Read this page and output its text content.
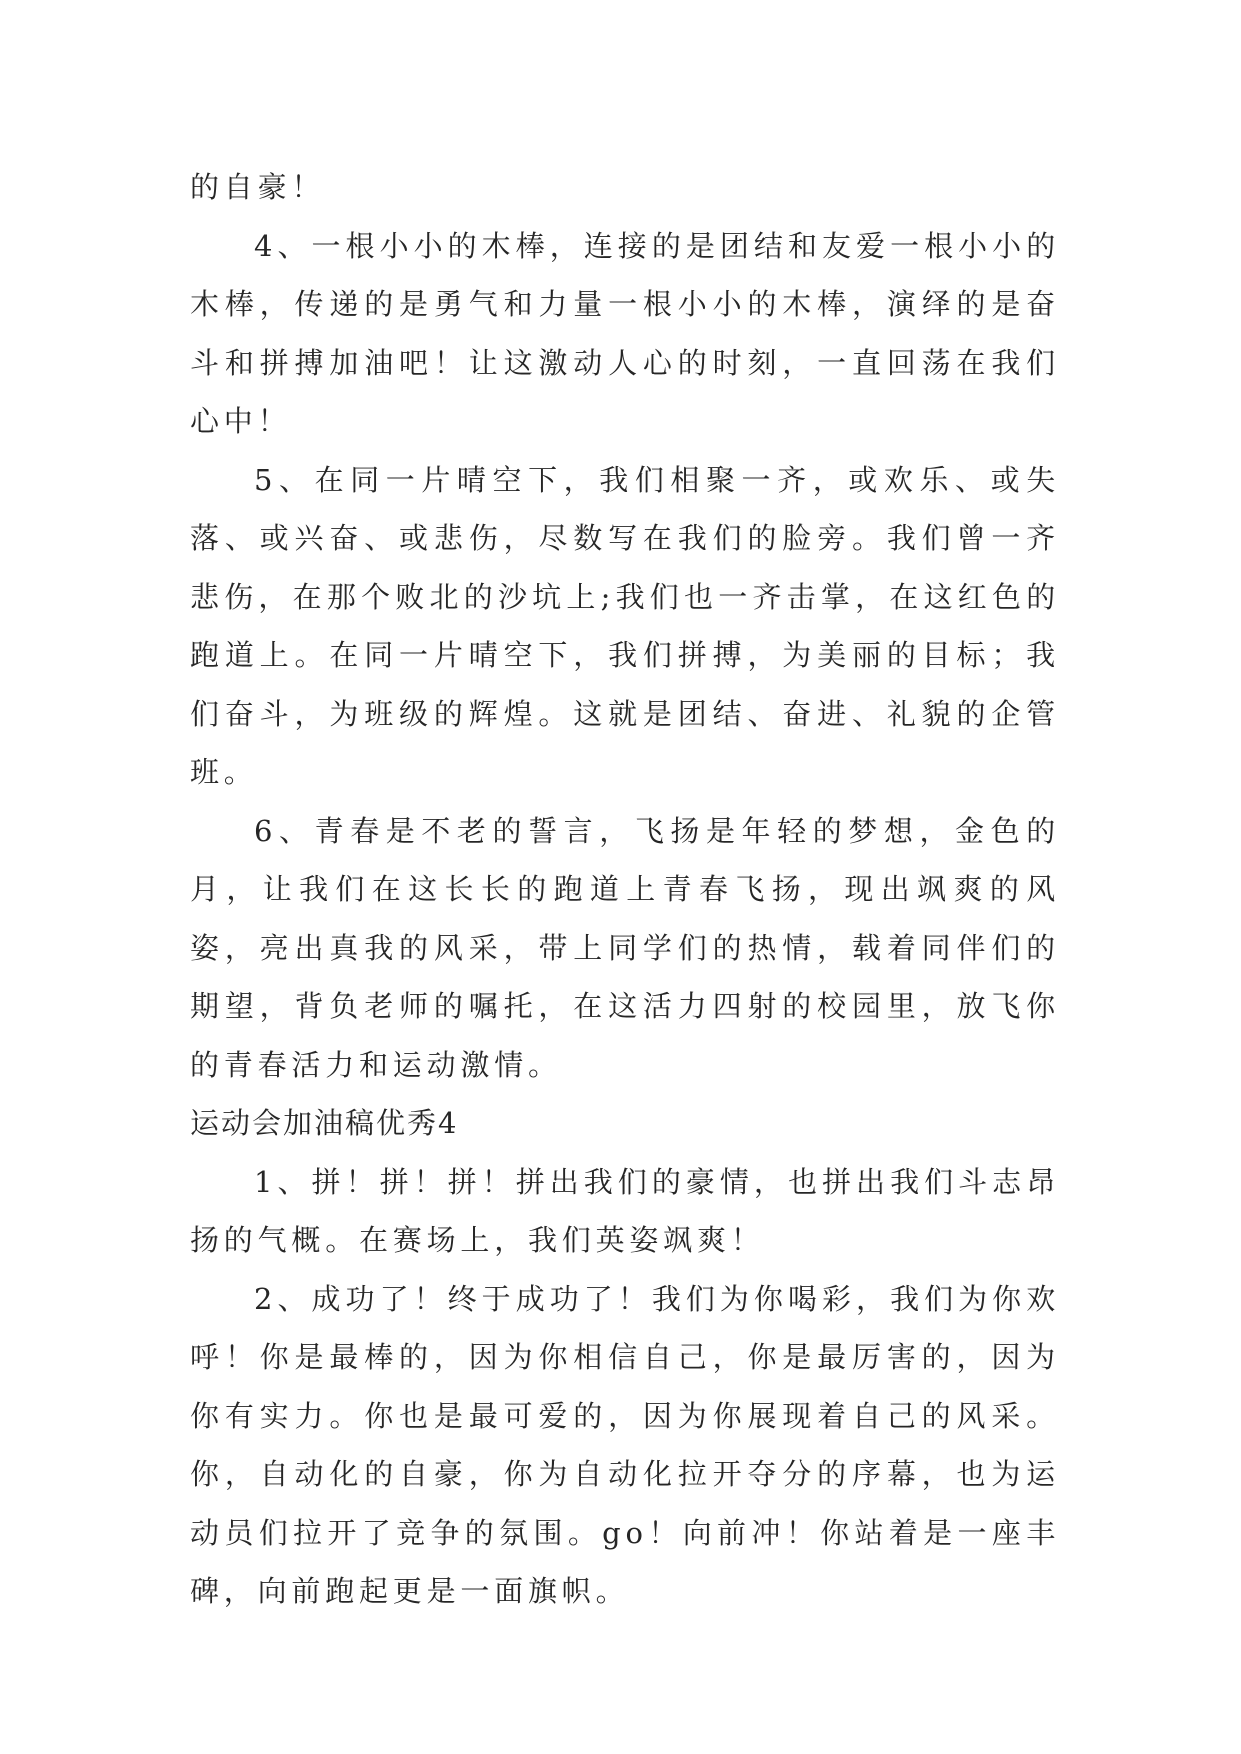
的自豪！

4、一根小小的木棒，连接的是团结和友爱一根小小的木棒，传递的是勇气和力量一根小小的木棒，演绎的是奋斗和拼搏加油吧！让这激动人心的时刻，一直回荡在我们心中！

5、在同一片晴空下，我们相聚一齐，或欢乐、或失落、或兴奋、或悲伤，尽数写在我们的脸旁。我们曾一齐悲伤，在那个败北的沙坑上;我们也一齐击掌，在这红色的跑道上。在同一片晴空下，我们拼搏，为美丽的目标；我们奋斗，为班级的辉煌。这就是团结、奋进、礼貌的企管班。

6、青春是不老的誓言，飞扬是年轻的梦想，金色的月，让我们在这长长的跑道上青春飞扬，现出飒爽的风姿，亮出真我的风采，带上同学们的热情，载着同伴们的期望，背负老师的嘱托，在这活力四射的校园里，放飞你的青春活力和运动激情。

运动会加油稿优秀4

1、拼！拼！拼！拼出我们的豪情，也拼出我们斗志昂扬的气概。在赛场上，我们英姿飒爽！

2、成功了！终于成功了！我们为你喝彩，我们为你欢呼！你是最棒的，因为你相信自己，你是最厉害的，因为你有实力。你也是最可爱的，因为你展现着自己的风采。你，自动化的自豪，你为自动化拉开夺分的序幕，也为运动员们拉开了竞争的氛围。go！向前冲！你站着是一座丰碑，向前跑起更是一面旗帜。
